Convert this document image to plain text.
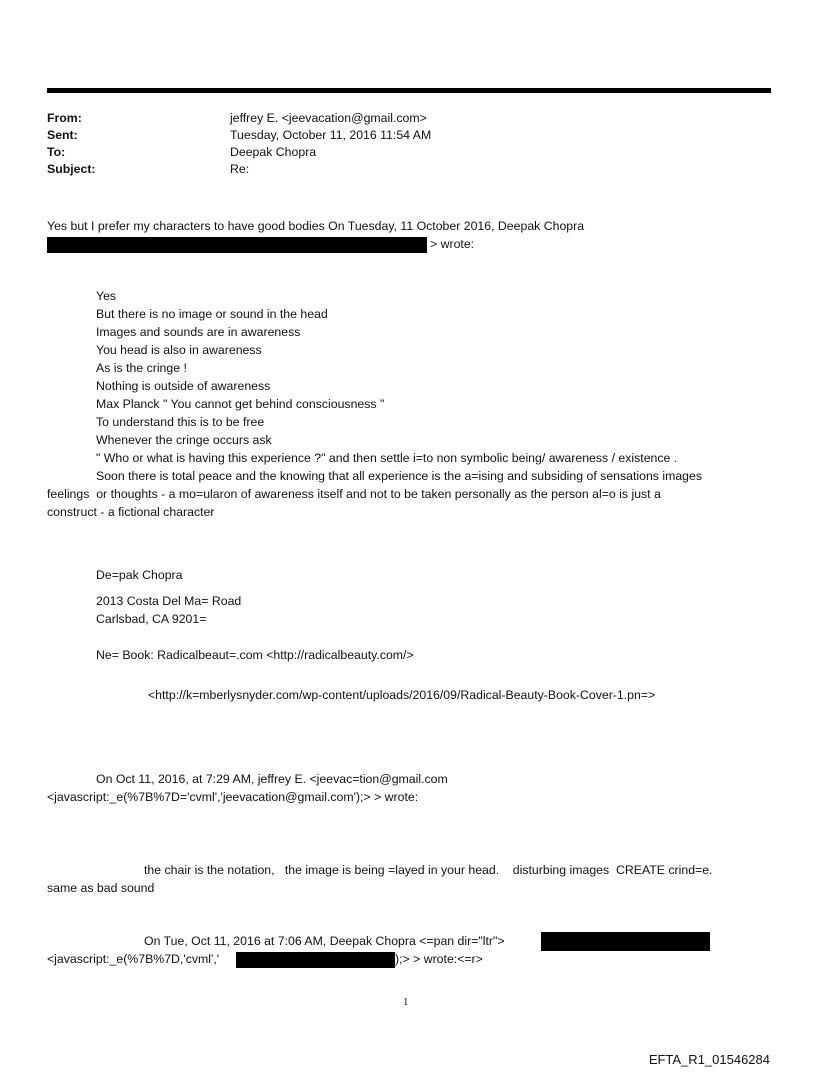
From:	jeffrey E. <jeevacation@gmail.com>
Sent:	Tuesday, October 11, 2016 11:54 AM
To:	Deepak Chopra
Subject:	Re:
Yes but I prefer my characters to have good bodies On Tuesday, 11 October 2016, Deepak Chopra
> wrote:
Yes
But there is no image or sound in the head
Images and sounds are in awareness
You head is also in awareness
As is the cringe !
Nothing is outside of awareness
Max Planck " You cannot get behind consciousness "
To understand this is to be free
Whenever the cringe occurs ask
" Who or what is having this experience ?" and then settle i=to non symbolic being/ awareness / existence .
Soon there is total peace and the knowing that all experience is the a=ising and subsiding of sensations images
feelings  or thoughts - a mo=ularon of awareness itself and not to be taken personally as the person al=o is just a
construct - a fictional character
De=pak Chopra
2013 Costa Del Ma= Road
Carlsbad, CA 9201=
Ne= Book: Radicalbeaut=.com <http://radicalbeauty.com/>
<http://k=mberlysnyder.com/wp-content/uploads/2016/09/Radical-Beauty-Book-Cover-1.pn=>
On Oct 11, 2016, at 7:29 AM, jeffrey E. <jeevac=tion@gmail.com
<javascript:_e(%7B%7D='cvml','jeevacation@gmail.com');> > wrote:
the chair is the notation,   the image is being =layed in your head.    disturbing images  CREATE crind=e.
same as bad sound
On Tue, Oct 11, 2016 at 7:06 AM, Deepak Chopra <=pan dir="ltr">
<javascript:_e(%7B%7D,'cvml','	);> > wrote:<=r>
1
EFTA_R1_01546284
